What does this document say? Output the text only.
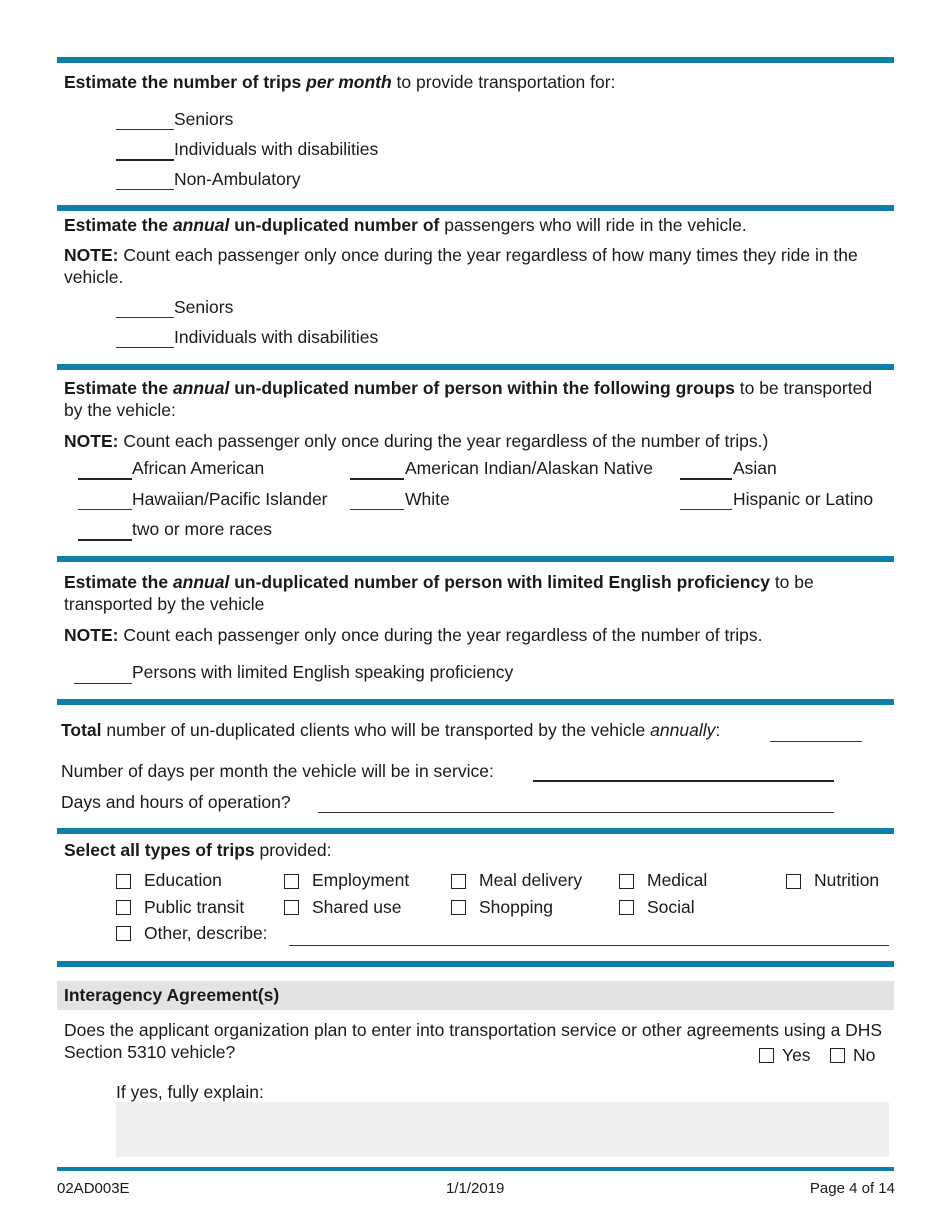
Estimate the number of trips per month to provide transportation for:
Seniors
Individuals with disabilities
Non-Ambulatory
Estimate the annual un-duplicated number of passengers who will ride in the vehicle.
NOTE: Count each passenger only once during the year regardless of how many times they ride in the vehicle.
Seniors
Individuals with disabilities
Estimate the annual un-duplicated number of person within the following groups to be transported by the vehicle:
NOTE: Count each passenger only once during the year regardless of the number of trips.)
African American	American Indian/Alaskan Native	Asian
Hawaiian/Pacific Islander	White	Hispanic or Latino
two or more races
Estimate the annual un-duplicated number of person with limited English proficiency to be transported by the vehicle
NOTE: Count each passenger only once during the year regardless of the number of trips.
Persons with limited English speaking proficiency
Total number of un-duplicated clients who will be transported by the vehicle annually:
Number of days per month the vehicle will be in service:
Days and hours of operation?
Select all types of trips provided:
Education	Employment	Meal delivery	Medical	Nutrition
Public transit	Shared use	Shopping	Social
Other, describe:
Interagency Agreement(s)
Does the applicant organization plan to enter into transportation service or other agreements using a DHS Section 5310 vehicle?	Yes No
If yes, fully explain:
02AD003E	1/1/2019	Page 4 of 14
